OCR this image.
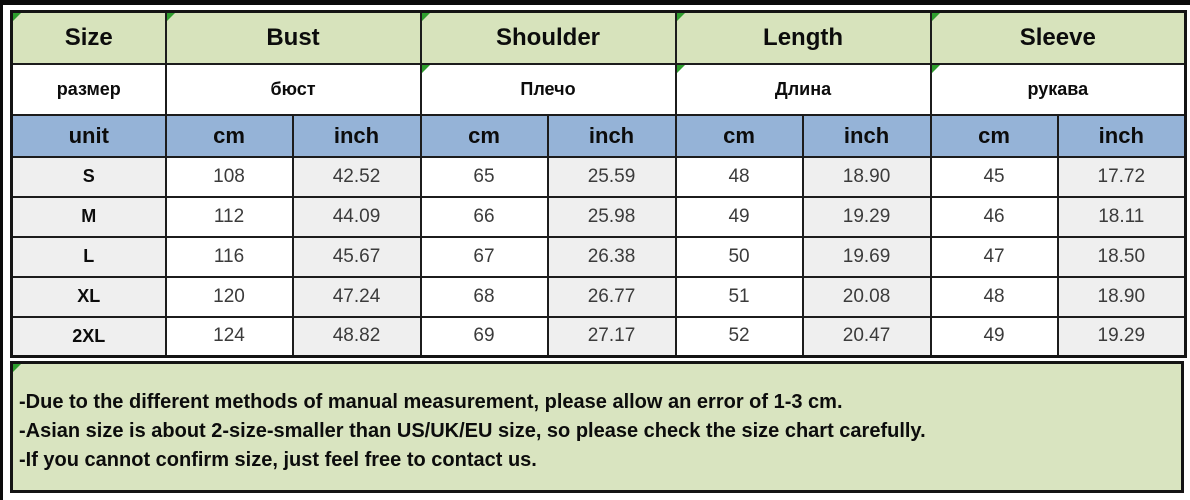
Size	Bust		Shoulder		Length		Sleeve	
размер	бюст		Плечо		Длина		рукава	
unit	cm	inch	cm	inch	cm	inch	cm	inch
S	108	42.52	65	25.59	48	18.90	45	17.72
M	112	44.09	66	25.98	49	19.29	46	18.11
L	116	45.67	67	26.38	50	19.69	47	18.50
XL	120	47.24	68	26.77	51	20.08	48	18.90
2XL	124	48.82	69	27.17	52	20.47	49	19.29
-Due to the different methods of manual measurement, please allow an error of 1-3 cm.
-Asian size is about 2-size-smaller than US/UK/EU size, so please check the size chart carefully.
-If you cannot confirm size, just feel free to contact us.
